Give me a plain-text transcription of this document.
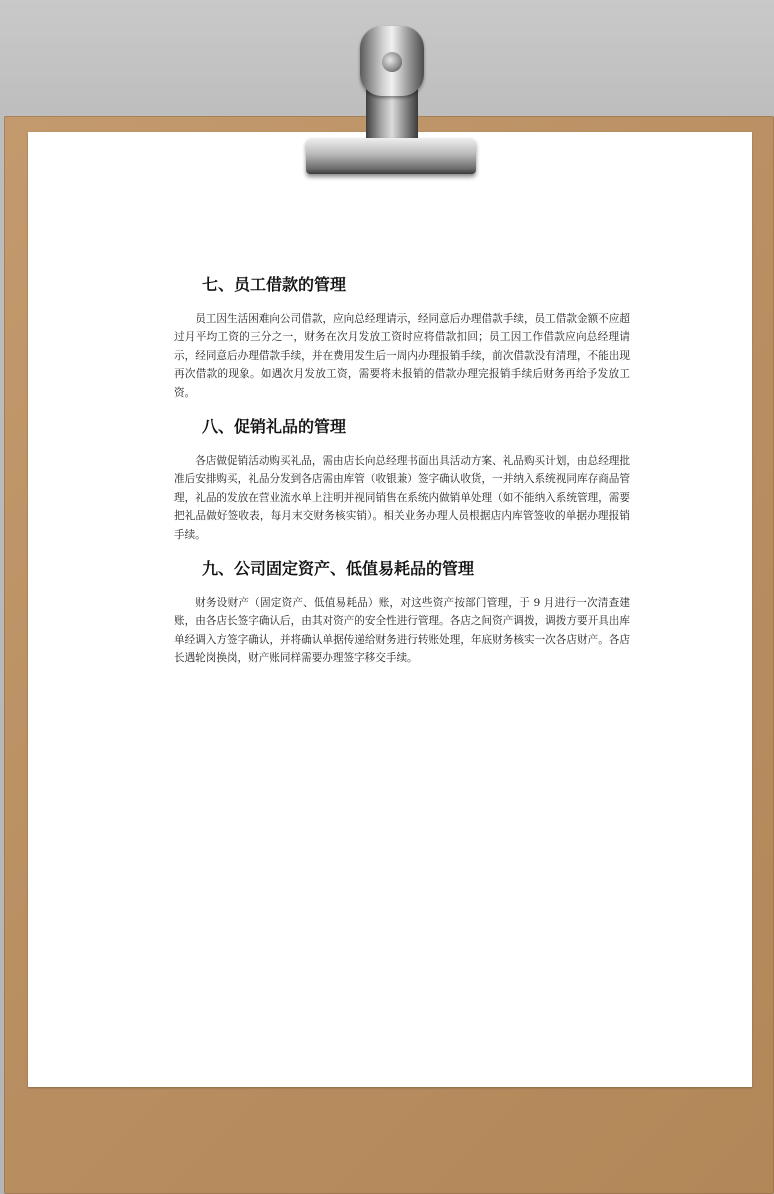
七、员工借款的管理

员工因生活困难向公司借款，应向总经理请示，经同意后办理借款手续，员工借款金额不应超过月平均工资的三分之一，财务在次月发放工资时应将借款扣回；员工因工作借款应向总经理请示，经同意后办理借款手续，并在费用发生后一周内办理报销手续，前次借款没有清理，不能出现再次借款的现象。如遇次月发放工资，需要将未报销的借款办理完报销手续后财务再给予发放工资。

八、促销礼品的管理

各店做促销活动购买礼品，需由店长向总经理书面出具活动方案、礼品购买计划，由总经理批准后安排购买，礼品分发到各店需由库管（收银兼）签字确认收货，一并纳入系统视同库存商品管理，礼品的发放在营业流水单上注明并视同销售在系统内做销单处理（如不能纳入系统管理，需要把礼品做好签收表，每月末交财务核实销）。相关业务办理人员根据店内库管签收的单据办理报销手续。

九、公司固定资产、低值易耗品的管理

财务设财产（固定资产、低值易耗品）账，对这些资产按部门管理，于 9 月进行一次清查建账，由各店长签字确认后，由其对资产的安全性进行管理。各店之间资产调拨，调拨方要开具出库单经调入方签字确认，并将确认单据传递给财务进行转账处理，年底财务核实一次各店财产。各店长遇轮岗换岗，财产账同样需要办理签字移交手续。
